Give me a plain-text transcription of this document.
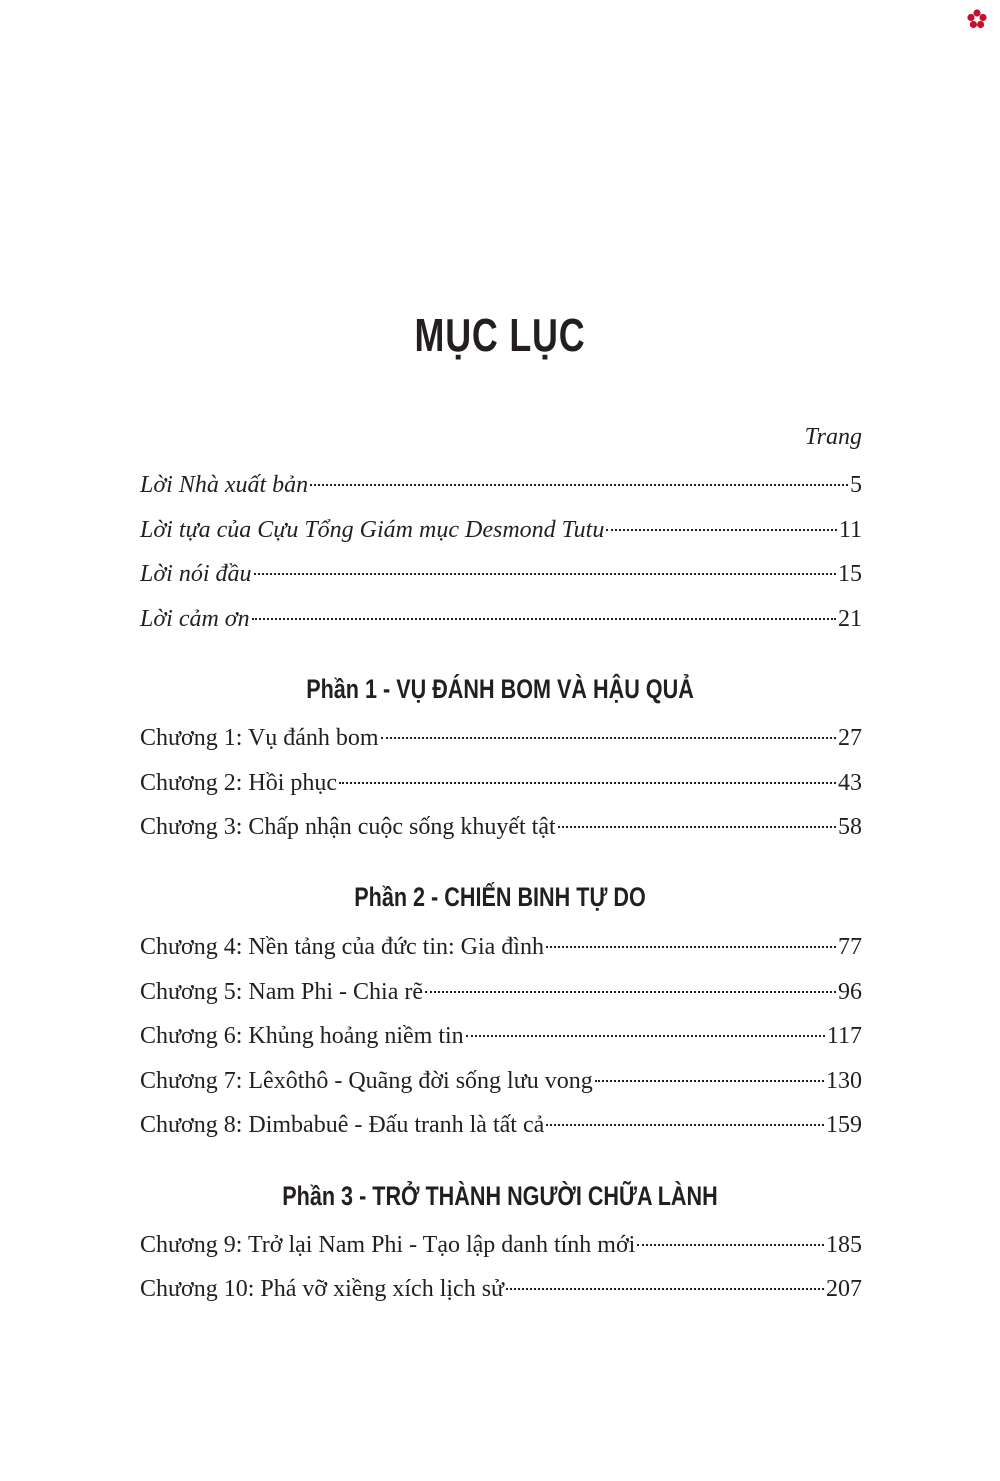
MỤC LỤC
Trang
Lời Nhà xuất bản	5
Lời tựa của Cựu Tổng Giám mục Desmond Tutu	11
Lời nói đầu	15
Lời cảm ơn	21
Phần 1 - VỤ ĐÁNH BOM VÀ HẬU QUẢ
Chương 1: Vụ đánh bom	27
Chương 2: Hồi phục	43
Chương 3: Chấp nhận cuộc sống khuyết tật	58
Phần 2 - CHIẾN BINH TỰ DO
Chương 4: Nền tảng của đức tin: Gia đình	77
Chương 5: Nam Phi - Chia rẽ	96
Chương 6: Khủng hoảng niềm tin	117
Chương 7: Lêxôthô - Quãng đời sống lưu vong	130
Chương 8: Dimbabuê - Đấu tranh là tất cả	159
Phần 3 - TRỞ THÀNH NGƯỜI CHỮA LÀNH
Chương 9: Trở lại Nam Phi - Tạo lập danh tính mới	185
Chương 10: Phá vỡ xiềng xích lịch sử	207
